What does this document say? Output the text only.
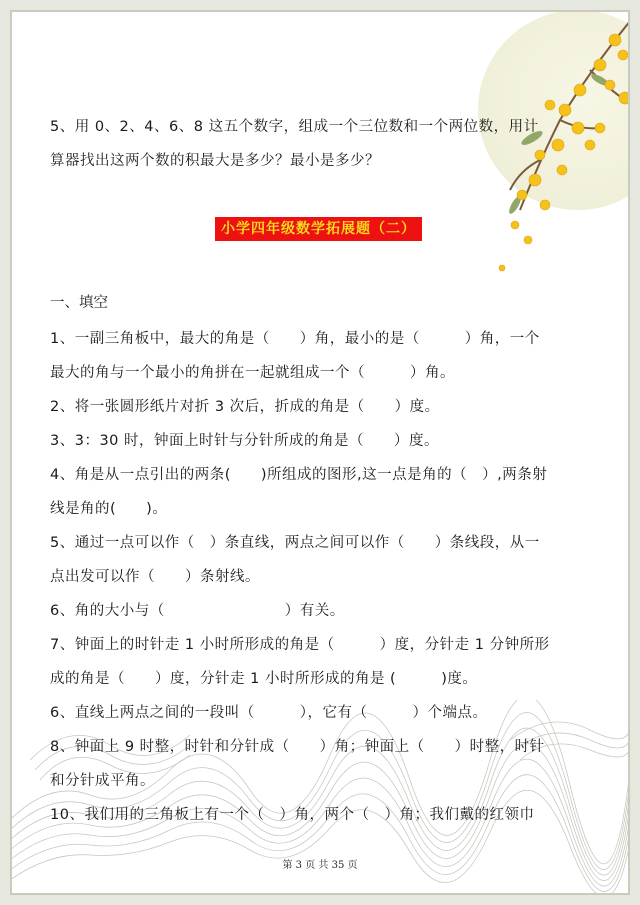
第 3 页 共 35 页

5、用 0、2、4、6、8 这五个数字，组成一个三位数和一个两位数，用计

算器找出这两个数的积最大是多少？最小是多少？

小学四年级数学拓展题（二）
一、填空

1、一副三角板中，最大的角是（　　）角，最小的是（　　　）角，一个

最大的角与一个最小的角拼在一起就组成一个（　　　）角。

2、将一张圆形纸片对折 3 次后，折成的角是（　　）度。

3、3：30 时，钟面上时针与分针所成的角是（　　）度。

4、角是从一点引出的两条(　　)所组成的图形,这一点是角的（　）,两条射

线是角的(　　)。

5、通过一点可以作（　）条直线，两点之间可以作（　　）条线段，从一

点出发可以作（　　）条射线。

6、角的大小与（　　　　　　　　）有关。

7、钟面上的时针走 1 小时所形成的角是（　　　）度，分针走 1 分钟所形

成的角是（　　）度，分针走 1 小时所形成的角是 (　　　)度。

6、直线上两点之间的一段叫（　　　），它有（　　　）个端点。

8、钟面上 9 时整，时针和分针成（　　）角；钟面上（　　）时整，时针

和分针成平角。

10、我们用的三角板上有一个（　）角，两个（　）角；我们戴的红领巾
